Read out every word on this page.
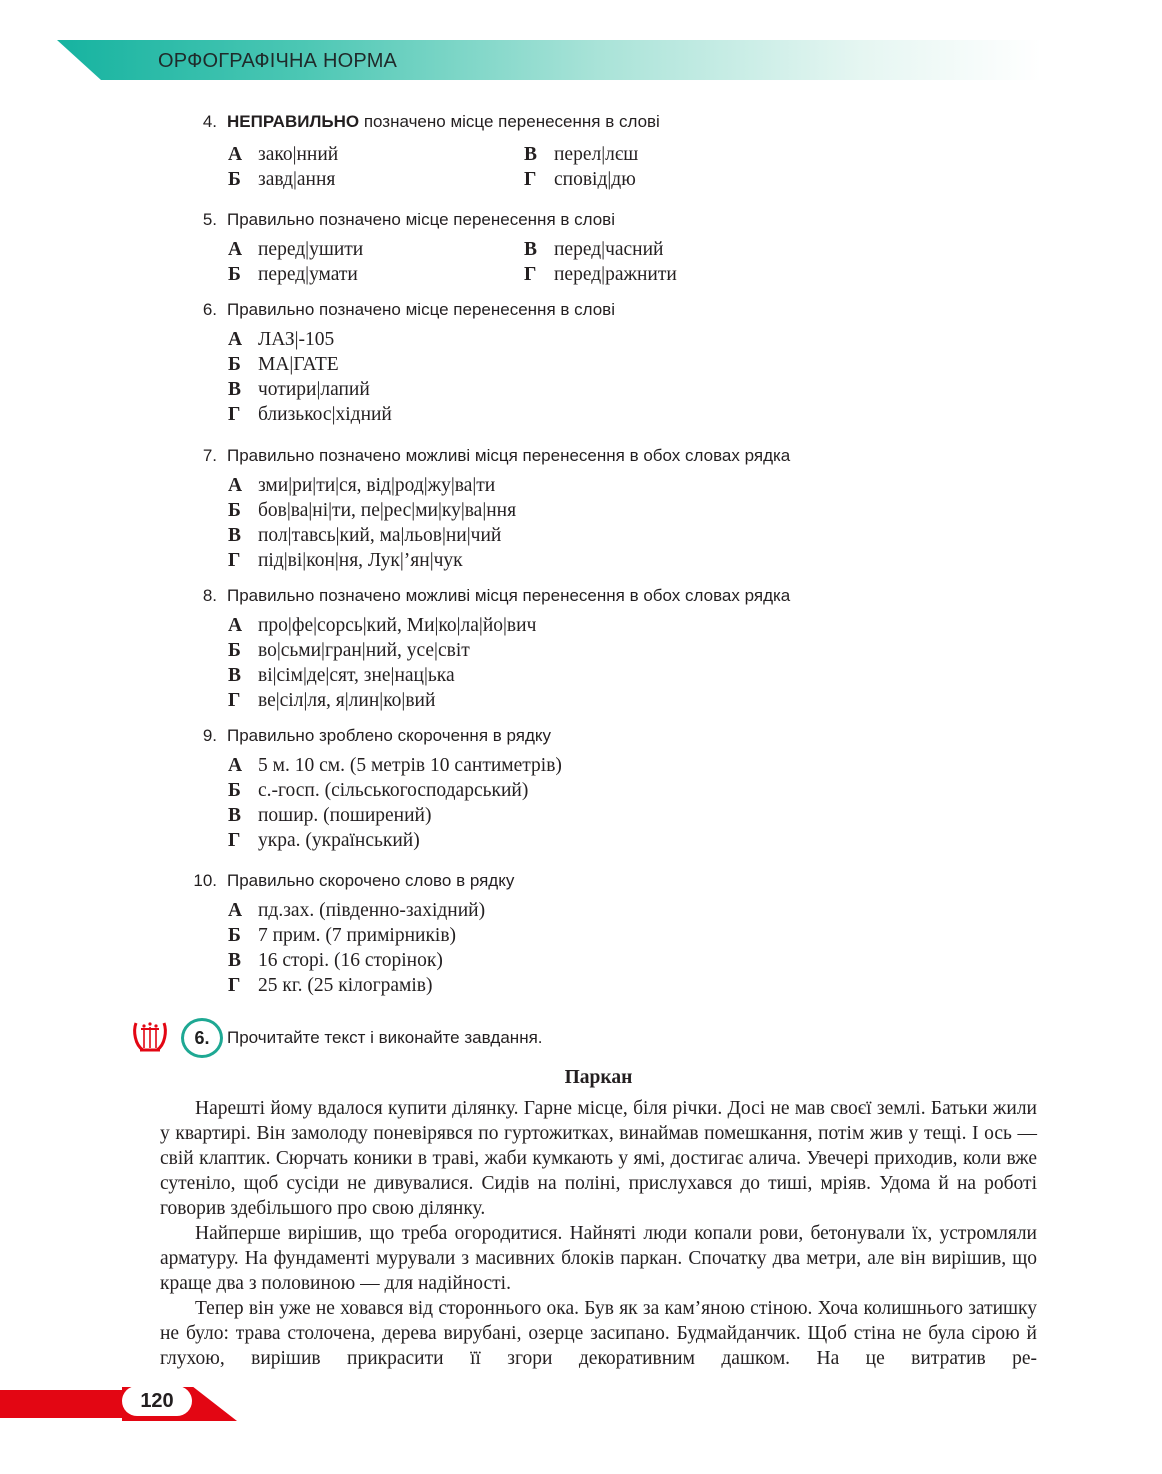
ОРФОГРАФІЧНА НОРМА
4. НЕПРАВИЛЬНО позначено місце перенесення в слові
А зако|нний
Б завд|ання
В перел|лєш
Г сповід|дю
5. Правильно позначено місце перенесення в слові
А перед|ушити
Б перед|умати
В перед|часний
Г перед|ражнити
6. Правильно позначено місце перенесення в слові
А ЛАЗ|-105
Б МА|ГАТЕ
В чотири|лапий
Г близькос|хідний
7. Правильно позначено можливі місця перенесення в обох словах рядка
А зми|ри|ти|ся, від|род|жу|ва|ти
Б бов|ва|ні|ти, пе|рес|ми|ку|ва|ння
В пол|тавсь|кий, ма|льов|ни|чий
Г під|ві|кон|ня, Лук|’ян|чук
8. Правильно позначено можливі місця перенесення в обох словах рядка
А про|фе|сорсь|кий, Ми|ко|ла|йо|вич
Б во|сьми|гран|ний, усе|світ
В ві|сім|де|сят, зне|нац|ька
Г ве|сіл|ля, я|лин|ко|вий
9. Правильно зроблено скорочення в рядку
А 5 м. 10 см. (5 метрів 10 сантиметрів)
Б с.-госп. (сільськогосподарський)
В пошир. (поширений)
Г укра. (український)
10. Правильно скорочено слово в рядку
А пд.зах. (південно-західний)
Б 7 прим. (7 примірників)
В 16 сторі. (16 сторінок)
Г 25 кг. (25 кілограмів)
6.	Прочитайте текст і виконайте завдання.
Паркан

Нарешті йому вдалося купити ділянку. Гарне місце, біля річки. Досі не мав своєї землі. Батьки жили у квартирі. Він замолоду поневірявся по гуртожитках, винаймав помешкання, потім жив у тещі. І ось — свій клаптик. Сюрчать коники в траві, жаби кумкають у ямі, достигає алича. Увечері приходив, коли вже сутеніло, щоб сусіди не дивувалися. Сидів на поліні, прислухався до тиші, мріяв. Удома й на роботі говорив здебільшого про свою ділянку.

Найперше вирішив, що треба огородитися. Найняті люди копали рови, бетонували їх, устромляли арматуру. На фундаменті мурували з масивних блоків паркан. Спочатку два метри, але він вирішив, що краще два з половиною — для надійності.

Тепер він уже не ховався від стороннього ока. Був як за кам’яною стіною. Хоча колишнього затишку не було: трава столочена, дерева вирубані, озерце засипано. Будмайданчик. Щоб стіна не була сірою й глухою, вирішив прикрасити її згори декоративним дашком. На це витратив ре-

120
